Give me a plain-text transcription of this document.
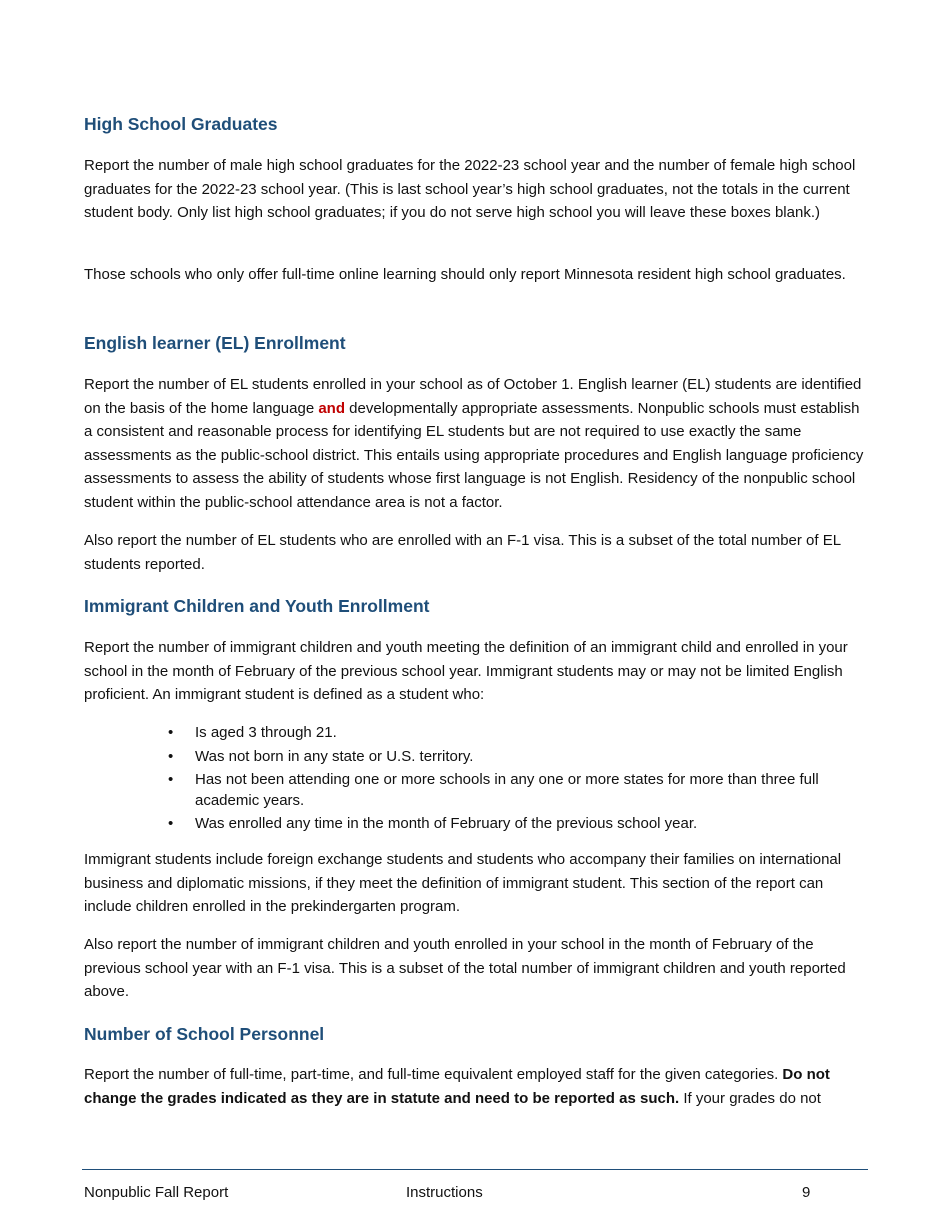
High School Graduates

Report the number of male high school graduates for the 2022-23 school year and the number of female high school graduates for the 2022-23 school year. (This is last school year’s high school graduates, not the totals in the current student body. Only list high school graduates; if you do not serve high school you will leave these boxes blank.)

Those schools who only offer full-time online learning should only report Minnesota resident high school graduates.

English learner (EL) Enrollment

Report the number of EL students enrolled in your school as of October 1. English learner (EL) students are identified on the basis of the home language and developmentally appropriate assessments. Nonpublic schools must establish a consistent and reasonable process for identifying EL students but are not required to use exactly the same assessments as the public-school district. This entails using appropriate procedures and English language proficiency assessments to assess the ability of students whose first language is not English. Residency of the nonpublic school student within the public-school attendance area is not a factor.

Also report the number of EL students who are enrolled with an F-1 visa. This is a subset of the total number of EL students reported.

Immigrant Children and Youth Enrollment

Report the number of immigrant children and youth meeting the definition of an immigrant child and enrolled in your school in the month of February of the previous school year. Immigrant students may or may not be limited English proficient. An immigrant student is defined as a student who:

• Is aged 3 through 21.
• Was not born in any state or U.S. territory.
• Has not been attending one or more schools in any one or more states for more than three full academic years.
• Was enrolled any time in the month of February of the previous school year.

Immigrant students include foreign exchange students and students who accompany their families on international business and diplomatic missions, if they meet the definition of immigrant student. This section of the report can include children enrolled in the prekindergarten program.

Also report the number of immigrant children and youth enrolled in your school in the month of February of the previous school year with an F-1 visa. This is a subset of the total number of immigrant children and youth reported above.

Number of School Personnel

Report the number of full-time, part-time, and full-time equivalent employed staff for the given categories. Do not change the grades indicated as they are in statute and need to be reported as such. If your grades do not

Nonpublic Fall Report	Instructions	9
